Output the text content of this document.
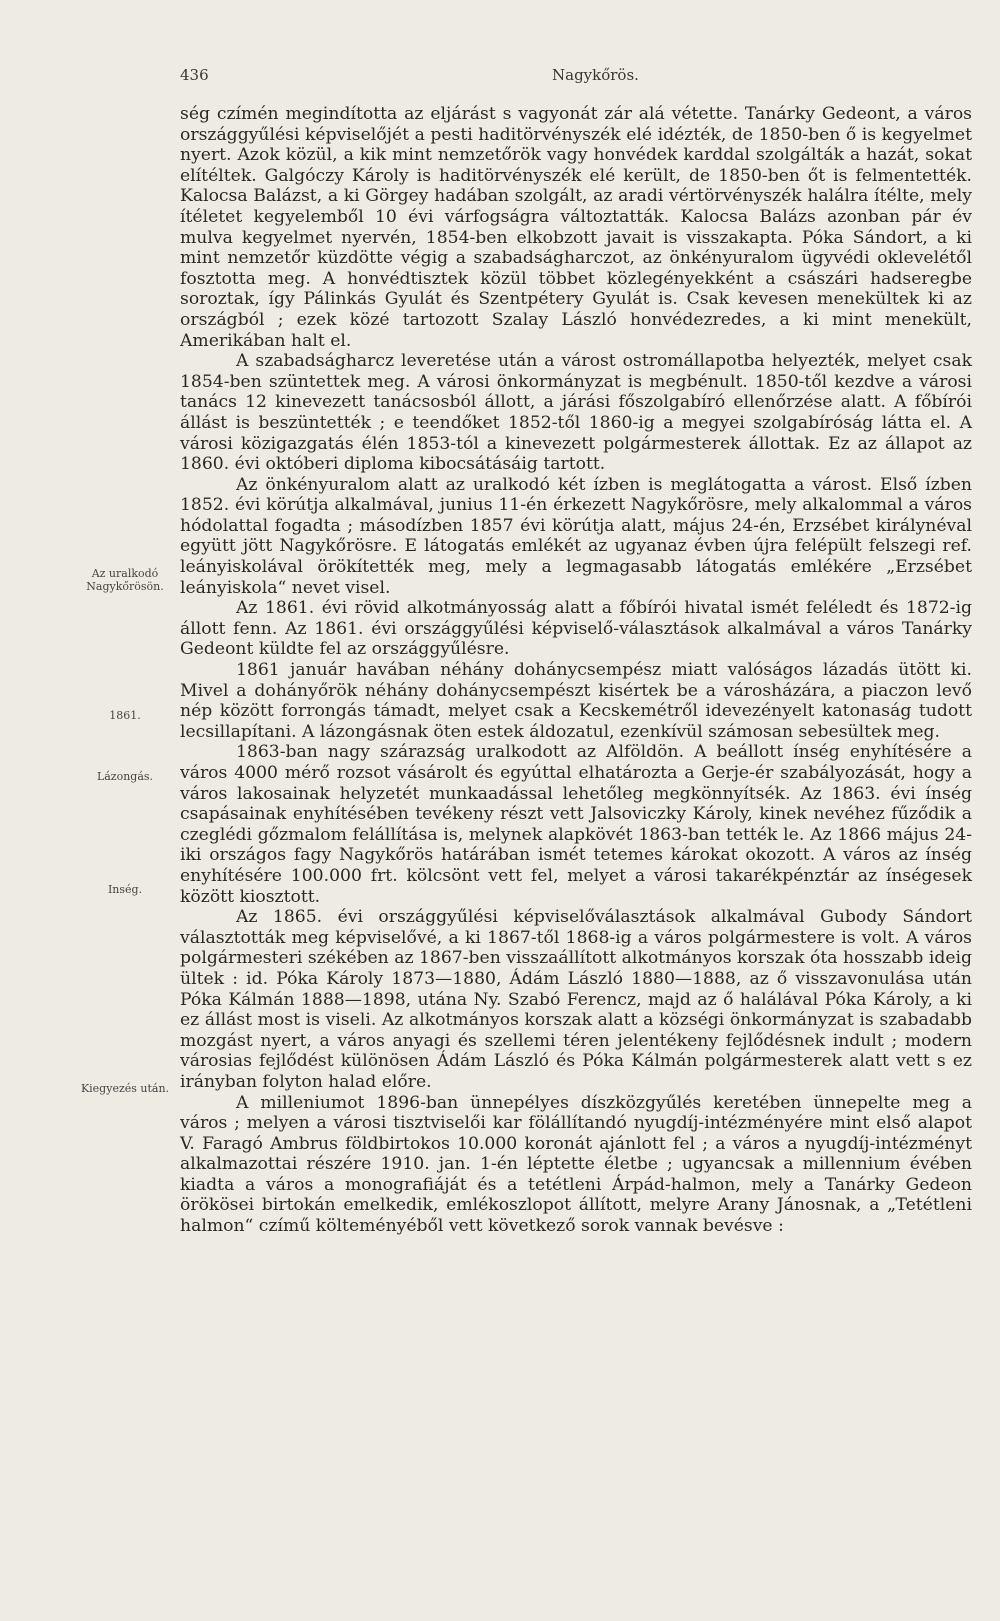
436	Nagykőrös.
Az uralkodó Nagykőrösön.
1861.
Lázongás.
Inség.
Kiegyezés után.

ség czímén megindította az eljárást s vagyonát zár alá vétette. Tanárky Gedeont, a város országgyűlési képviselőjét a pesti haditörvényszék elé idézték, de 1850-ben ő is kegyelmet nyert. Azok közül, a kik mint nemzetőrök vagy honvédek karddal szolgálták a hazát, sokat elítéltek. Galgóczy Károly is haditörvényszék elé került, de 1850-ben őt is felmentették. Kalocsa Balázst, a ki Görgey hadában szolgált, az aradi vértörvényszék halálra ítélte, mely ítéletet kegyelemből 10 évi várfogságra változtatták. Kalocsa Balázs azonban pár év mulva kegyelmet nyervén, 1854-ben elkobzott javait is visszakapta. Póka Sándort, a ki mint nemzetőr küzdötte végig a szabadságharczot, az önkényuralom ügyvédi oklevelétől fosztotta meg. A honvédtisztek közül többet közlegényekként a császári hadseregbe soroztak, így Pálinkás Gyulát és Szentpétery Gyulát is. Csak kevesen menekültek ki az országból ; ezek közé tartozott Szalay László honvédezredes, a ki mint menekült, Amerikában halt el.

A szabadságharcz leveretése után a várost ostromállapotba helyezték, melyet csak 1854-ben szüntettek meg. A városi önkormányzat is megbénult. 1850-től kezdve a városi tanács 12 kinevezett tanácsosból állott, a járási főszolgabíró ellenőrzése alatt. A főbírói állást is beszüntették ; e teendőket 1852-től 1860-ig a megyei szolgabíróság látta el. A városi közigazgatás élén 1853-tól a kinevezett polgármesterek állottak. Ez az állapot az 1860. évi októberi diploma kibocsátásáig tartott.

Az önkényuralom alatt az uralkodó két ízben is meglátogatta a várost. Első ízben 1852. évi körútja alkalmával, junius 11-én érkezett Nagykőrösre, mely alkalommal a város hódolattal fogadta ; másodízben 1857 évi körútja alatt, május 24-én, Erzsébet királynéval együtt jött Nagykőrösre. E látogatás emlékét az ugyanaz évben újra felépült felszegi ref. leányiskolával örökítették meg, mely a legmagasabb látogatás emlékére „Erzsébet leányiskola“ nevet visel.

Az 1861. évi rövid alkotmányosság alatt a főbírói hivatal ismét feléledt és 1872-ig állott fenn. Az 1861. évi országgyűlési képviselő-választások alkalmával a város Tanárky Gedeont küldte fel az országgyűlésre.

1861 január havában néhány dohánycsempész miatt valóságos lázadás ütött ki. Mivel a dohányőrök néhány dohánycsempészt kisértek be a városházára, a piaczon levő nép között forrongás támadt, melyet csak a Kecskemétről idevezényelt katonaság tudott lecsillapítani. A lázongásnak öten estek áldozatul, ezenkívül számosan sebesültek meg.

1863-ban nagy szárazság uralkodott az Alföldön. A beállott ínség enyhítésére a város 4000 mérő rozsot vásárolt és egyúttal elhatározta a Gerje-ér szabályozását, hogy a város lakosainak helyzetét munkaadással lehetőleg megkönnyítsék. Az 1863. évi ínség csapásainak enyhítésében tevékeny részt vett Jalsoviczky Károly, kinek nevéhez fűződik a czeglédi gőzmalom felállítása is, melynek alapkövét 1863-ban tették le. Az 1866 május 24-iki országos fagy Nagykőrös határában ismét tetemes károkat okozott. A város az ínség enyhítésére 100.000 frt. kölcsönt vett fel, melyet a városi takarékpénztár az ínségesek között kiosztott.

Az 1865. évi országgyűlési képviselőválasztások alkalmával Gubody Sándort választották meg képviselővé, a ki 1867-től 1868-ig a város polgármestere is volt. A város polgármesteri székében az 1867-ben visszaállított alkotmányos korszak óta hosszabb ideig ültek : id. Póka Károly 1873—1880, Ádám László 1880—1888, az ő visszavonulása után Póka Kálmán 1888—1898, utána Ny. Szabó Ferencz, majd az ő halálával Póka Károly, a ki ez állást most is viseli. Az alkotmányos korszak alatt a községi önkormányzat is szabadabb mozgást nyert, a város anyagi és szellemi téren jelentékeny fejlődésnek indult ; modern városias fejlődést különösen Ádám László és Póka Kálmán polgármesterek alatt vett s ez irányban folyton halad előre.

A milleniumot 1896-ban ünnepélyes díszközgyűlés keretében ünnepelte meg a város ; melyen a városi tisztviselői kar fölállítandó nyugdíj-intézményére mint első alapot V. Faragó Ambrus földbirtokos 10.000 koronát ajánlott fel ; a város a nyugdíj-intézményt alkalmazottai részére 1910. jan. 1-én léptette életbe ; ugyancsak a millennium évében kiadta a város a monografiáját és a tetétleni Árpád-halmon, mely a Tanárky Gedeon örökösei birtokán emelkedik, emlékoszlopot állított, melyre Arany Jánosnak, a „Tetétleni halmon“ czímű költeményéből vett következő sorok vannak bevésve :
